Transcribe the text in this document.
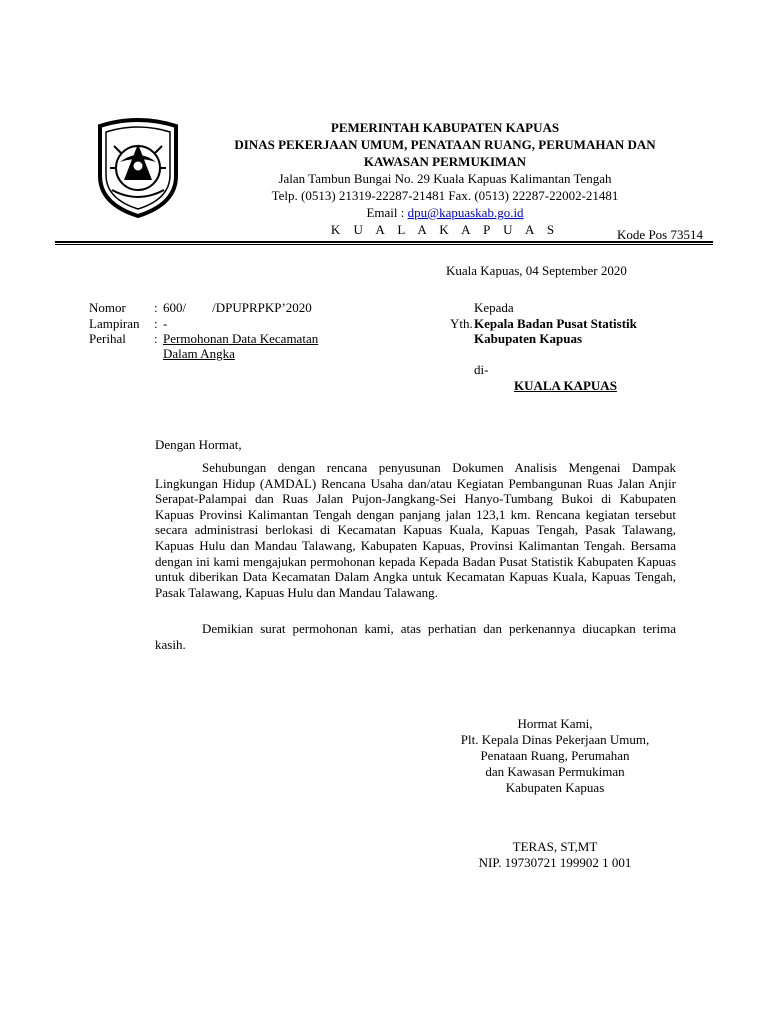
PEMERINTAH KABUPATEN KAPUAS
DINAS PEKERJAAN UMUM, PENATAAN RUANG, PERUMAHAN DAN
KAWASAN PERMUKIMAN
Jalan Tambun Bungai No. 29 Kuala Kapuas Kalimantan Tengah
Telp. (0513) 21319-22287-21481 Fax. (0513) 22287-22002-21481
Email : dpu@kapuaskab.go.id
K U A L A K A P U A S	Kode Pos 73514
Kuala Kapuas, 04 September 2020
Nomor : 600/        /DPUPRPKP’2020
Lampiran : -
Perihal : Permohonan Data Kecamatan
Dalam Angka
Kepada
Yth. Kepala Badan Pusat Statistik
Kabupaten Kapuas
di-
KUALA KAPUAS
Dengan Hormat,
Sehubungan dengan rencana penyusunan Dokumen Analisis Mengenai Dampak Lingkungan Hidup (AMDAL) Rencana Usaha dan/atau Kegiatan Pembangunan Ruas Jalan Anjir Serapat-Palampai dan Ruas Jalan Pujon-Jangkang-Sei Hanyo-Tumbang Bukoi di Kabupaten Kapuas Provinsi Kalimantan Tengah dengan panjang jalan 123,1 km. Rencana kegiatan tersebut secara administrasi berlokasi di Kecamatan Kapuas Kuala, Kapuas Tengah, Pasak Talawang, Kapuas Hulu dan Mandau Talawang, Kabupaten Kapuas, Provinsi Kalimantan Tengah. Bersama dengan ini kami mengajukan permohonan kepada Kepada Badan Pusat Statistik Kabupaten Kapuas untuk diberikan Data Kecamatan Dalam Angka untuk Kecamatan Kapuas Kuala, Kapuas Tengah, Pasak Talawang, Kapuas Hulu dan Mandau Talawang.
Demikian surat permohonan kami, atas perhatian dan perkenannya diucapkan terima kasih.
Hormat Kami,
Plt. Kepala Dinas Pekerjaan Umum,
Penataan Ruang, Perumahan
dan Kawasan Permukiman
Kabupaten Kapuas
TERAS, ST,MT
NIP. 19730721 199902 1 001
